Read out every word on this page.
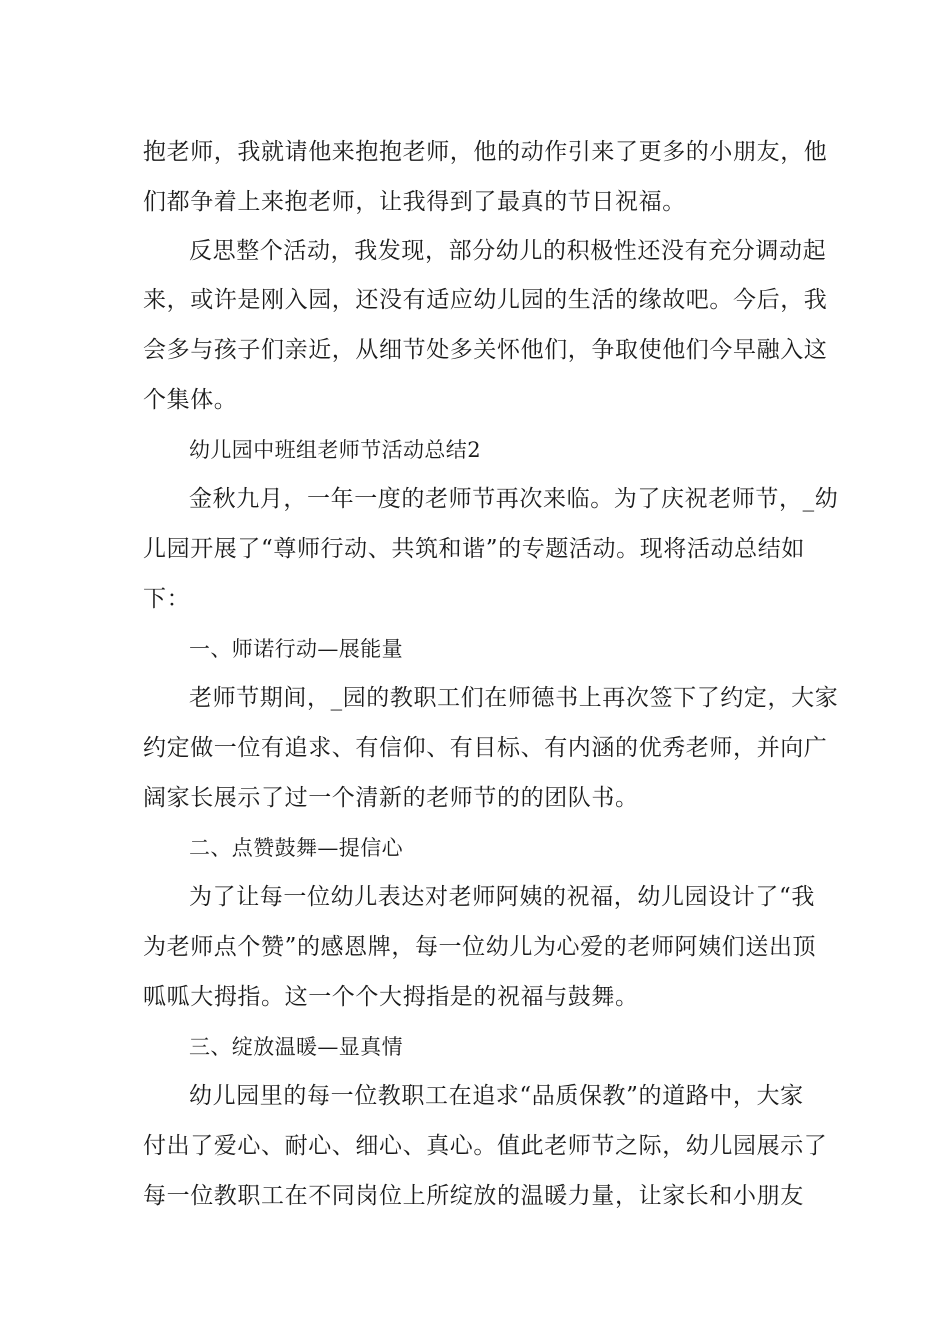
抱老师，我就请他来抱抱老师，他的动作引来了更多的小朋友，他
们都争着上来抱老师，让我得到了最真的节日祝福。
反思整个活动，我发现，部分幼儿的积极性还没有充分调动起
来，或许是刚入园，还没有适应幼儿园的生活的缘故吧。今后，我
会多与孩子们亲近，从细节处多关怀他们，争取使他们今早融入这
个集体。
幼儿园中班组老师节活动总结2
金秋九月，一年一度的老师节再次来临。为了庆祝老师节，_幼
儿园开展了“尊师行动、共筑和谐”的专题活动。现将活动总结如
下：
一、师诺行动—展能量
老师节期间，_园的教职工们在师德书上再次签下了约定，大家
约定做一位有追求、有信仰、有目标、有内涵的优秀老师，并向广
阔家长展示了过一个清新的老师节的的团队书。
二、点赞鼓舞—提信心
为了让每一位幼儿表达对老师阿姨的祝福，幼儿园设计了“我
为老师点个赞”的感恩牌，每一位幼儿为心爱的老师阿姨们送出顶
呱呱大拇指。这一个个大拇指是的祝福与鼓舞。
三、绽放温暖—显真情
幼儿园里的每一位教职工在追求“品质保教”的道路中，大家
付出了爱心、耐心、细心、真心。值此老师节之际，幼儿园展示了
每一位教职工在不同岗位上所绽放的温暖力量，让家长和小朋友
